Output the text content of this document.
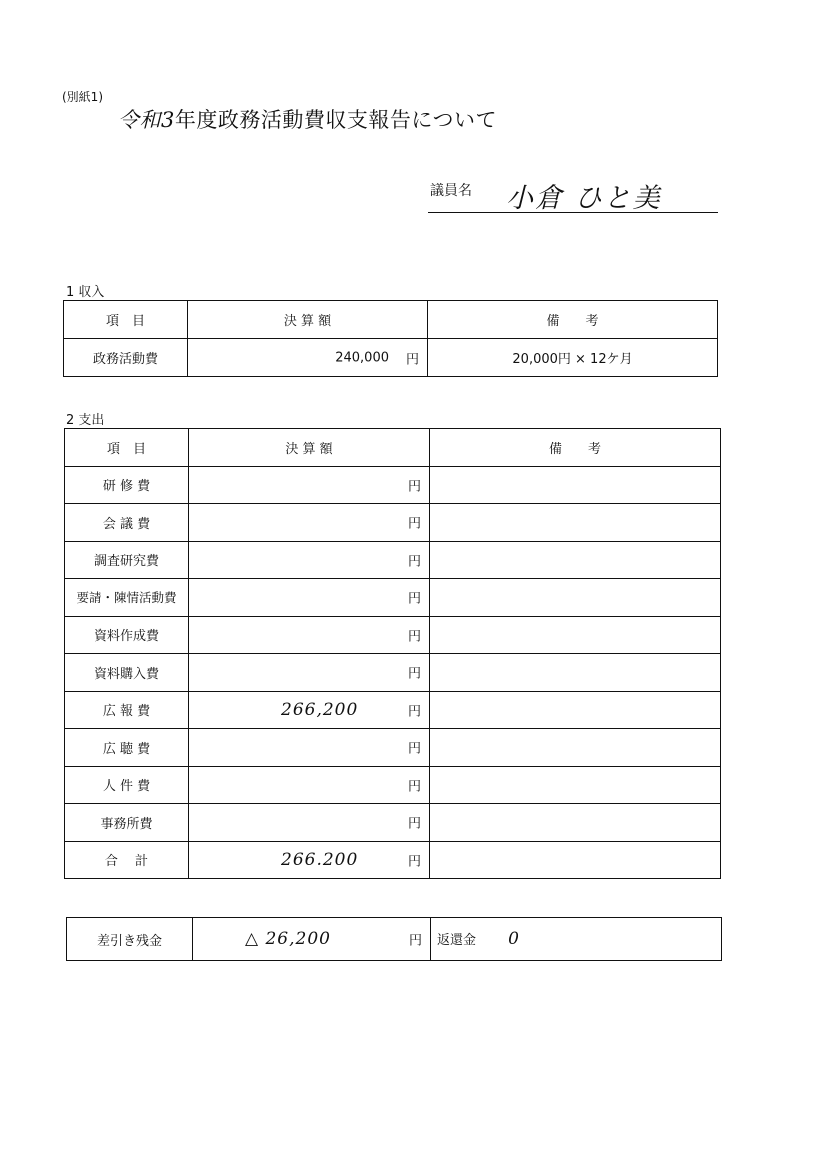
(別紙1)
令和3年度政務活動費収支報告について
議員名 小倉 ひと美
1 収入
項　目	決 算 額	備　　考
政務活動費	240,000 円	20,000円 × 12ケ月
2 支出
項　目	決 算 額	備　　考
研 修 費	円	

会 議 費	円	

調査研究費	円	

要請・陳情活動費	円	

資料作成費	円	

資料購入費	円	

広 報 費	266,200 円	

広 聴 費	円	

人 件 費	円	

事務所費	円	

合　 計	266.200 円	

差引き残金	△ 26,200	円	返還金 0
